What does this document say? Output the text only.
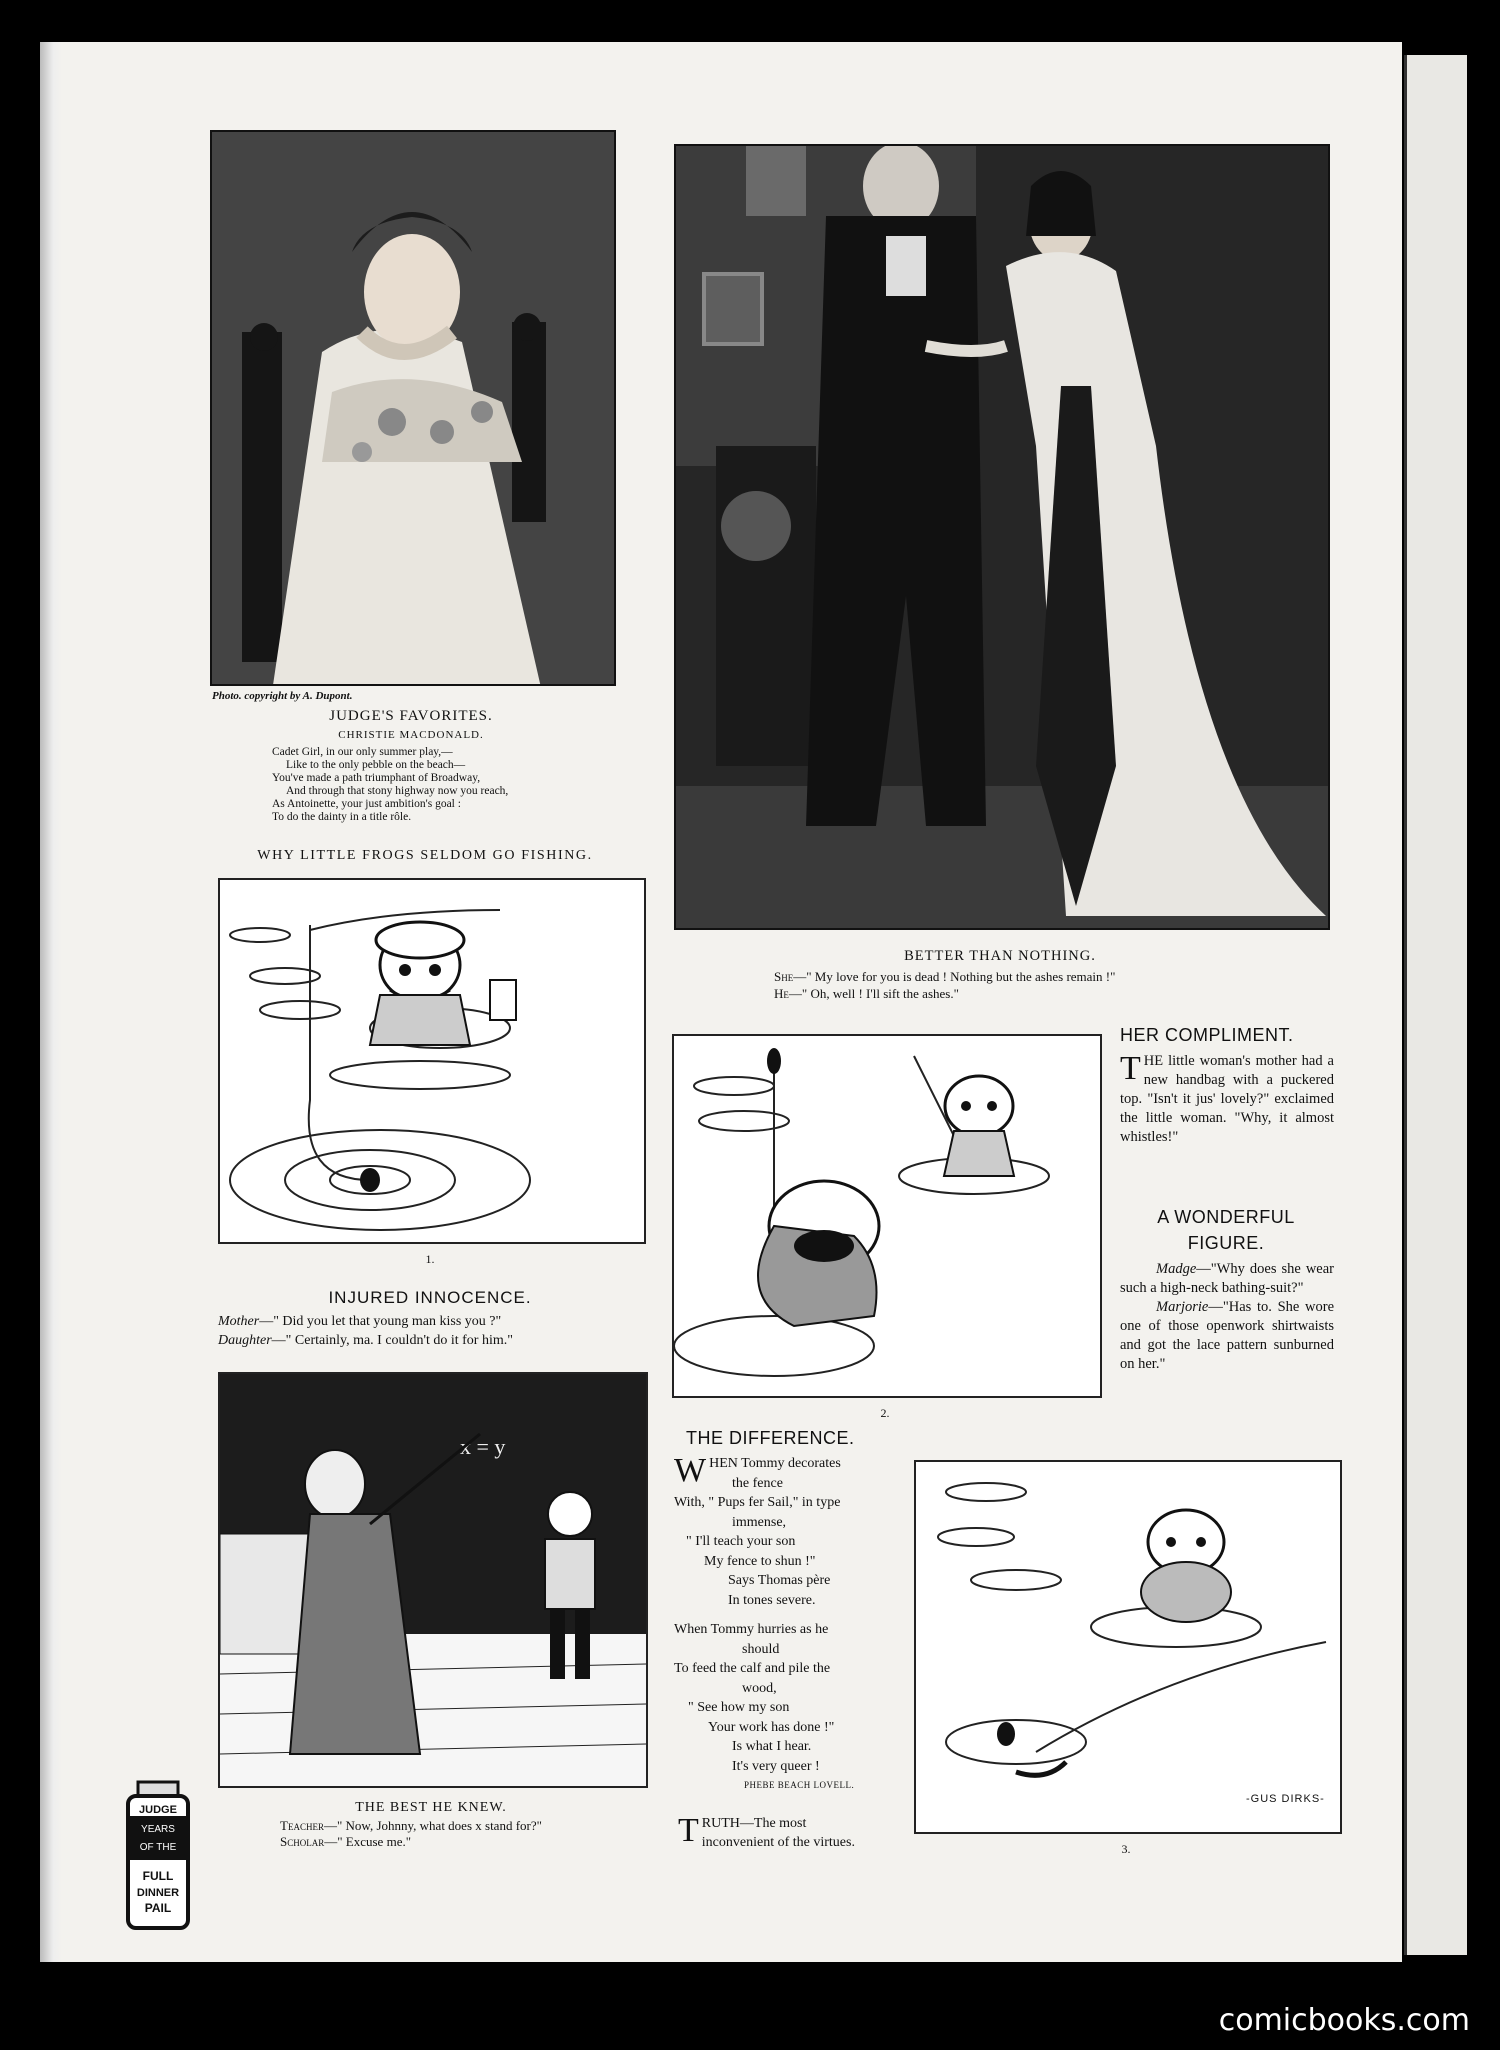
Photo. copyright by A. Dupont.
JUDGE'S FAVORITES.
CHRISTIE MACDONALD.
Cadet Girl, in our only summer play,—
Like to the only pebble on the beach—
You've made a path triumphant of Broadway,
And through that stony highway now you reach,
As Antoinette, your just ambition's goal :
To do the dainty in a title rôle.
BETTER THAN NOTHING.
She—" My love for you is dead ! Nothing but the ashes remain !"
He—" Oh, well ! I'll sift the ashes."
WHY LITTLE FROGS SELDOM GO FISHING.
1.
INJURED INNOCENCE.
Mother—" Did you let that young man kiss you ?"
Daughter—" Certainly, ma. I couldn't do it for him."
x = y
THE BEST HE KNEW.
Teacher—" Now, Johnny, what does x stand for?"
Scholar—" Excuse me."
JUDGE
YEARS
OF THE
FULL
DINNER
PAIL
2.
HER COMPLIMENT.
THE little woman's mother had a new handbag with a puckered top. "Isn't it jus' lovely?" exclaimed the little woman. "Why, it almost whistles!"
A WONDERFUL FIGURE.
Madge—"Why does she wear such a high-neck bathing-suit?"
Marjorie—"Has to. She wore one of those openwork shirtwaists and got the lace pattern sunburned on her."
THE DIFFERENCE.
WHEN Tommy decorates
the fence
With, " Pups fer Sail," in type
immense,
" I'll teach your son
My fence to shun !"
Says Thomas père
In tones severe.
When Tommy hurries as he
should
To feed the calf and pile the
wood,
" See how my son
Your work has done !"
Is what I hear.
It's very queer !
PHEBE BEACH LOVELL.
TRUTH—The most inconvenient of the virtues.
-GUS DIRKS-
3.
comicbooks.com
